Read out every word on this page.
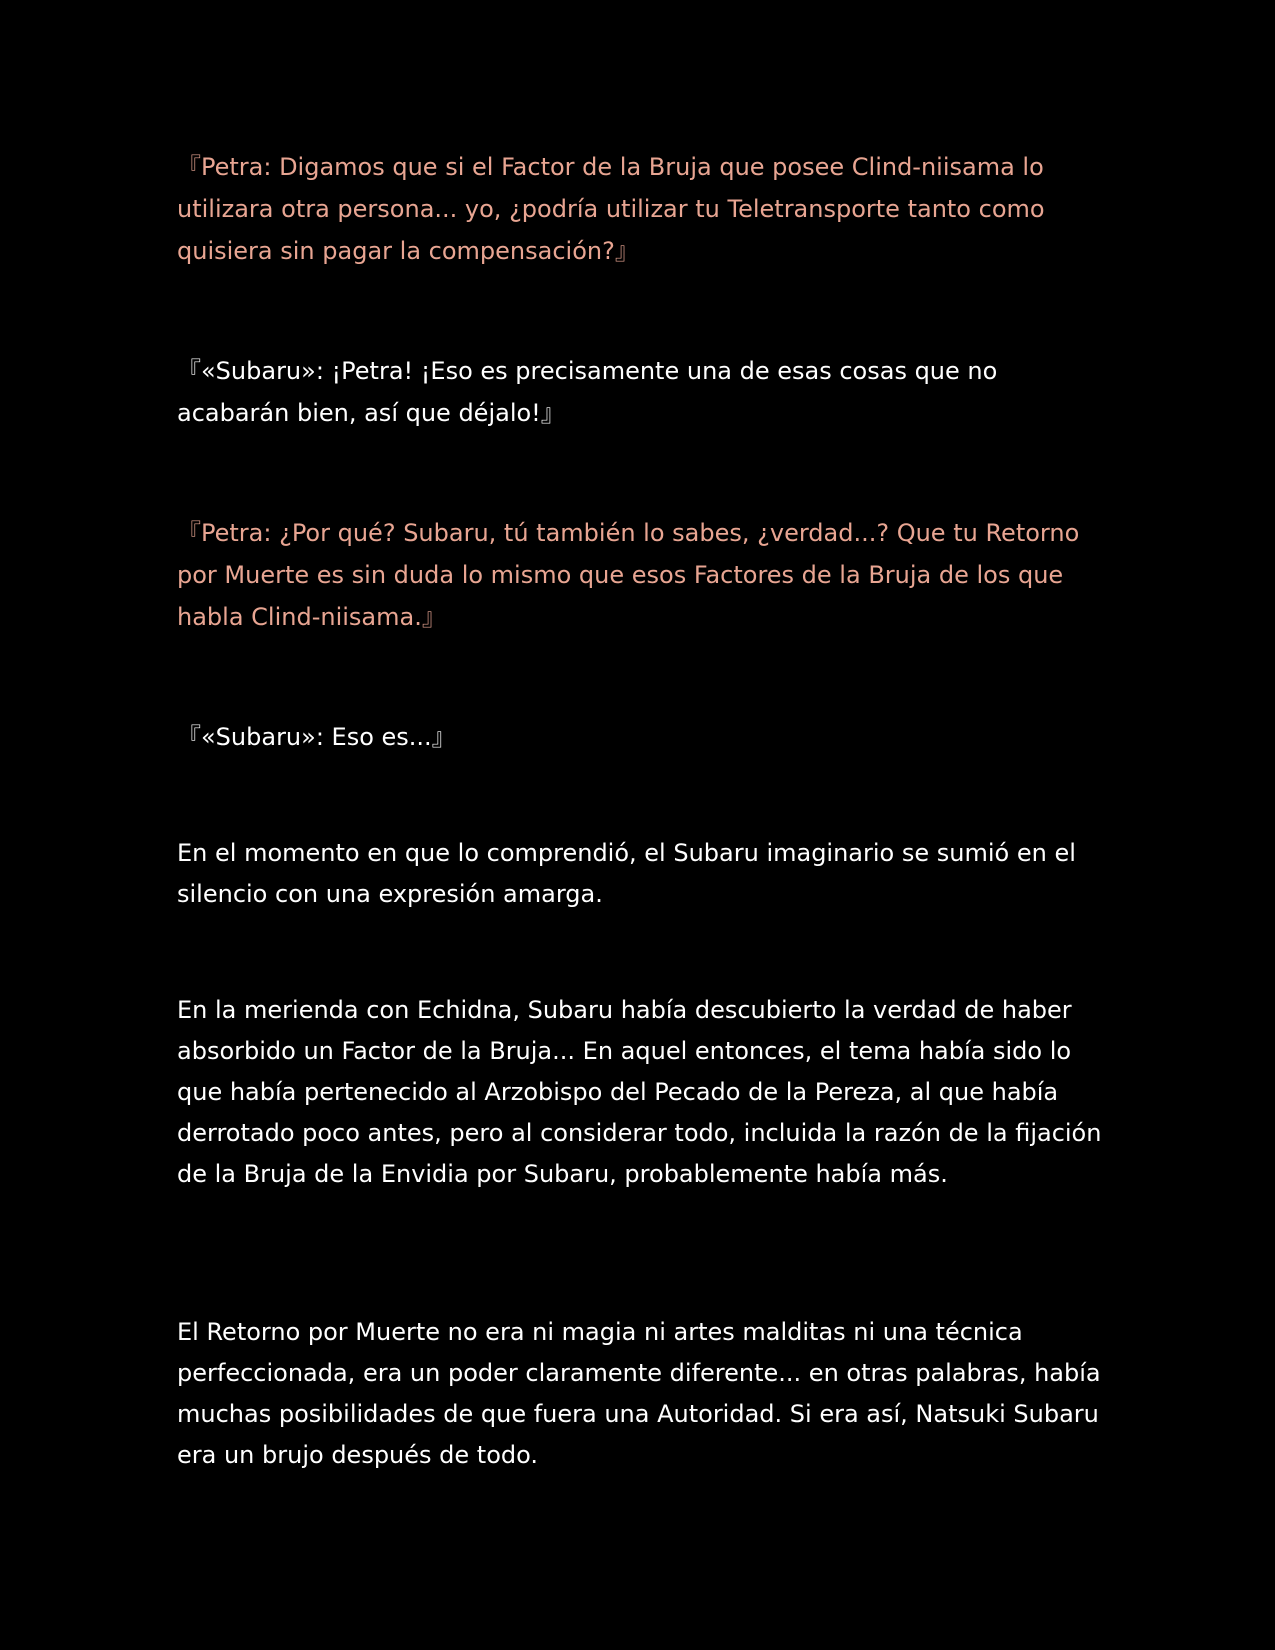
『Petra: Digamos que si el Factor de la Bruja que posee Clind-niisama lo utilizara otra persona... yo, ¿podría utilizar tu Teletransporte tanto como quisiera sin pagar la compensación?』

『«Subaru»: ¡Petra! ¡Eso es precisamente una de esas cosas que no acabarán bien, así que déjalo!』

『Petra: ¿Por qué? Subaru, tú también lo sabes, ¿verdad...? Que tu Retorno por Muerte es sin duda lo mismo que esos Factores de la Bruja de los que habla Clind-niisama.』

『«Subaru»: Eso es...』

En el momento en que lo comprendió, el Subaru imaginario se sumió en el silencio con una expresión amarga.

En la merienda con Echidna, Subaru había descubierto la verdad de haber absorbido un Factor de la Bruja... En aquel entonces, el tema había sido lo que había pertenecido al Arzobispo del Pecado de la Pereza, al que había derrotado poco antes, pero al considerar todo, incluida la razón de la fijación de la Bruja de la Envidia por Subaru, probablemente había más.

El Retorno por Muerte no era ni magia ni artes malditas ni una técnica perfeccionada, era un poder claramente diferente... en otras palabras, había muchas posibilidades de que fuera una Autoridad. Si era así, Natsuki Subaru era un brujo después de todo.
